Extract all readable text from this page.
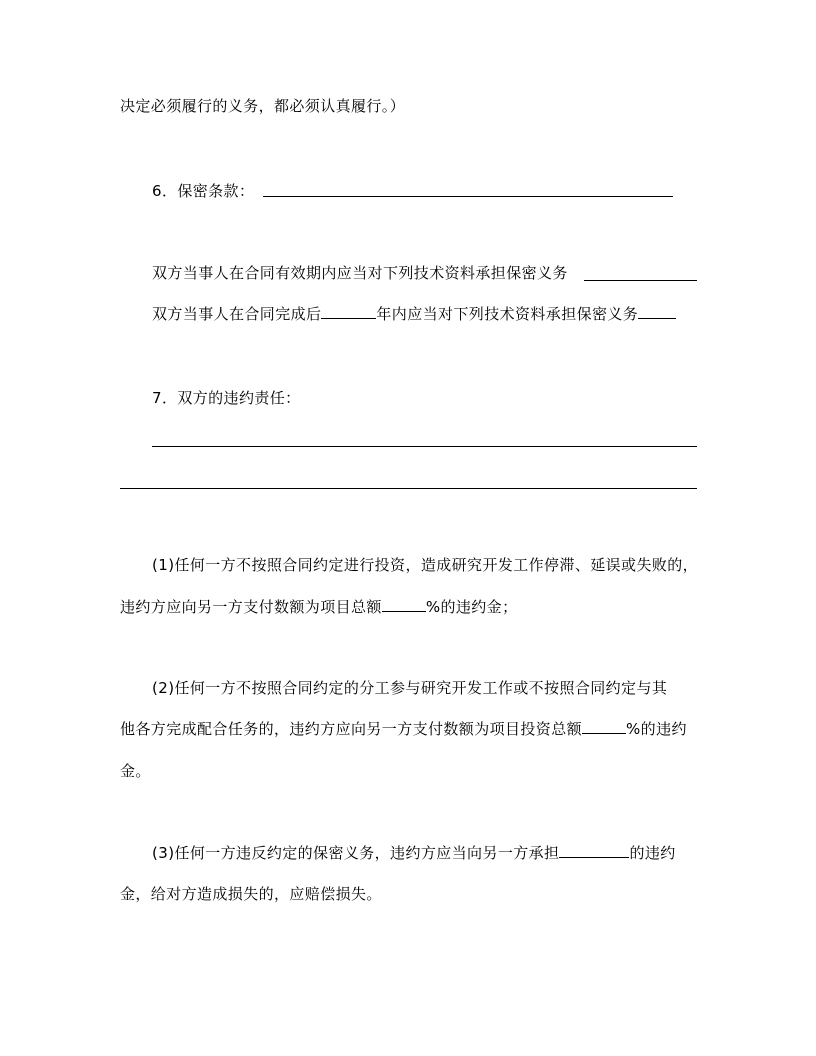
决定必须履行的义务，都必须认真履行。）
6．保密条款：
双方当事人在合同有效期内应当对下列技术资料承担保密义务
双方当事人在合同完成后	年内应当对下列技术资料承担保密义务
7．双方的违约责任：
(1)任何一方不按照合同约定进行投资，造成研究开发工作停滞、延误或失败的，
违约方应向另一方支付数额为项目总额	%的违约金；
(2)任何一方不按照合同约定的分工参与研究开发工作或不按照合同约定与其
他各方完成配合任务的，违约方应向另一方支付数额为项目投资总额	%的违约
金。
(3)任何一方违反约定的保密义务，违约方应当向另一方承担	的违约
金，给对方造成损失的，应赔偿损失。
